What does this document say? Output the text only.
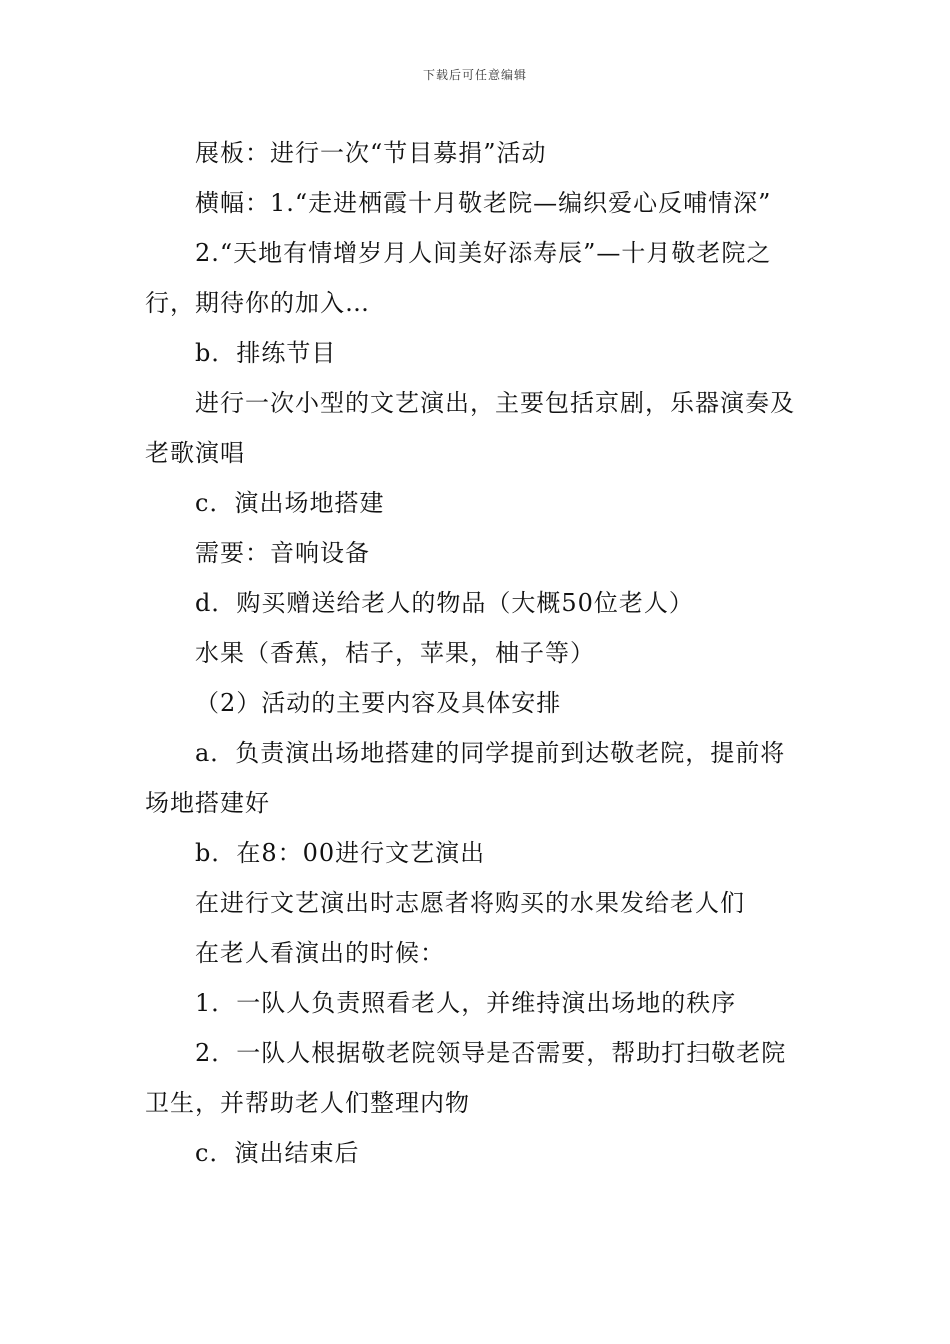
下载后可任意编辑

展板：进行一次“节目募捐”活动

横幅：1.“走进栖霞十月敬老院—编织爱心反哺情深”

2.“天地有情增岁月人间美好添寿辰”—十月敬老院之行，期待你的加入…

b．排练节目

进行一次小型的文艺演出，主要包括京剧，乐器演奏及老歌演唱

c．演出场地搭建

需要：音响设备

d．购买赠送给老人的物品（大概50位老人）

水果（香蕉，桔子，苹果，柚子等）

（2）活动的主要内容及具体安排

a．负责演出场地搭建的同学提前到达敬老院，提前将场地搭建好

b．在8：00进行文艺演出

在进行文艺演出时志愿者将购买的水果发给老人们

在老人看演出的时候：

1．一队人负责照看老人，并维持演出场地的秩序

2．一队人根据敬老院领导是否需要，帮助打扫敬老院卫生，并帮助老人们整理内物

c．演出结束后
